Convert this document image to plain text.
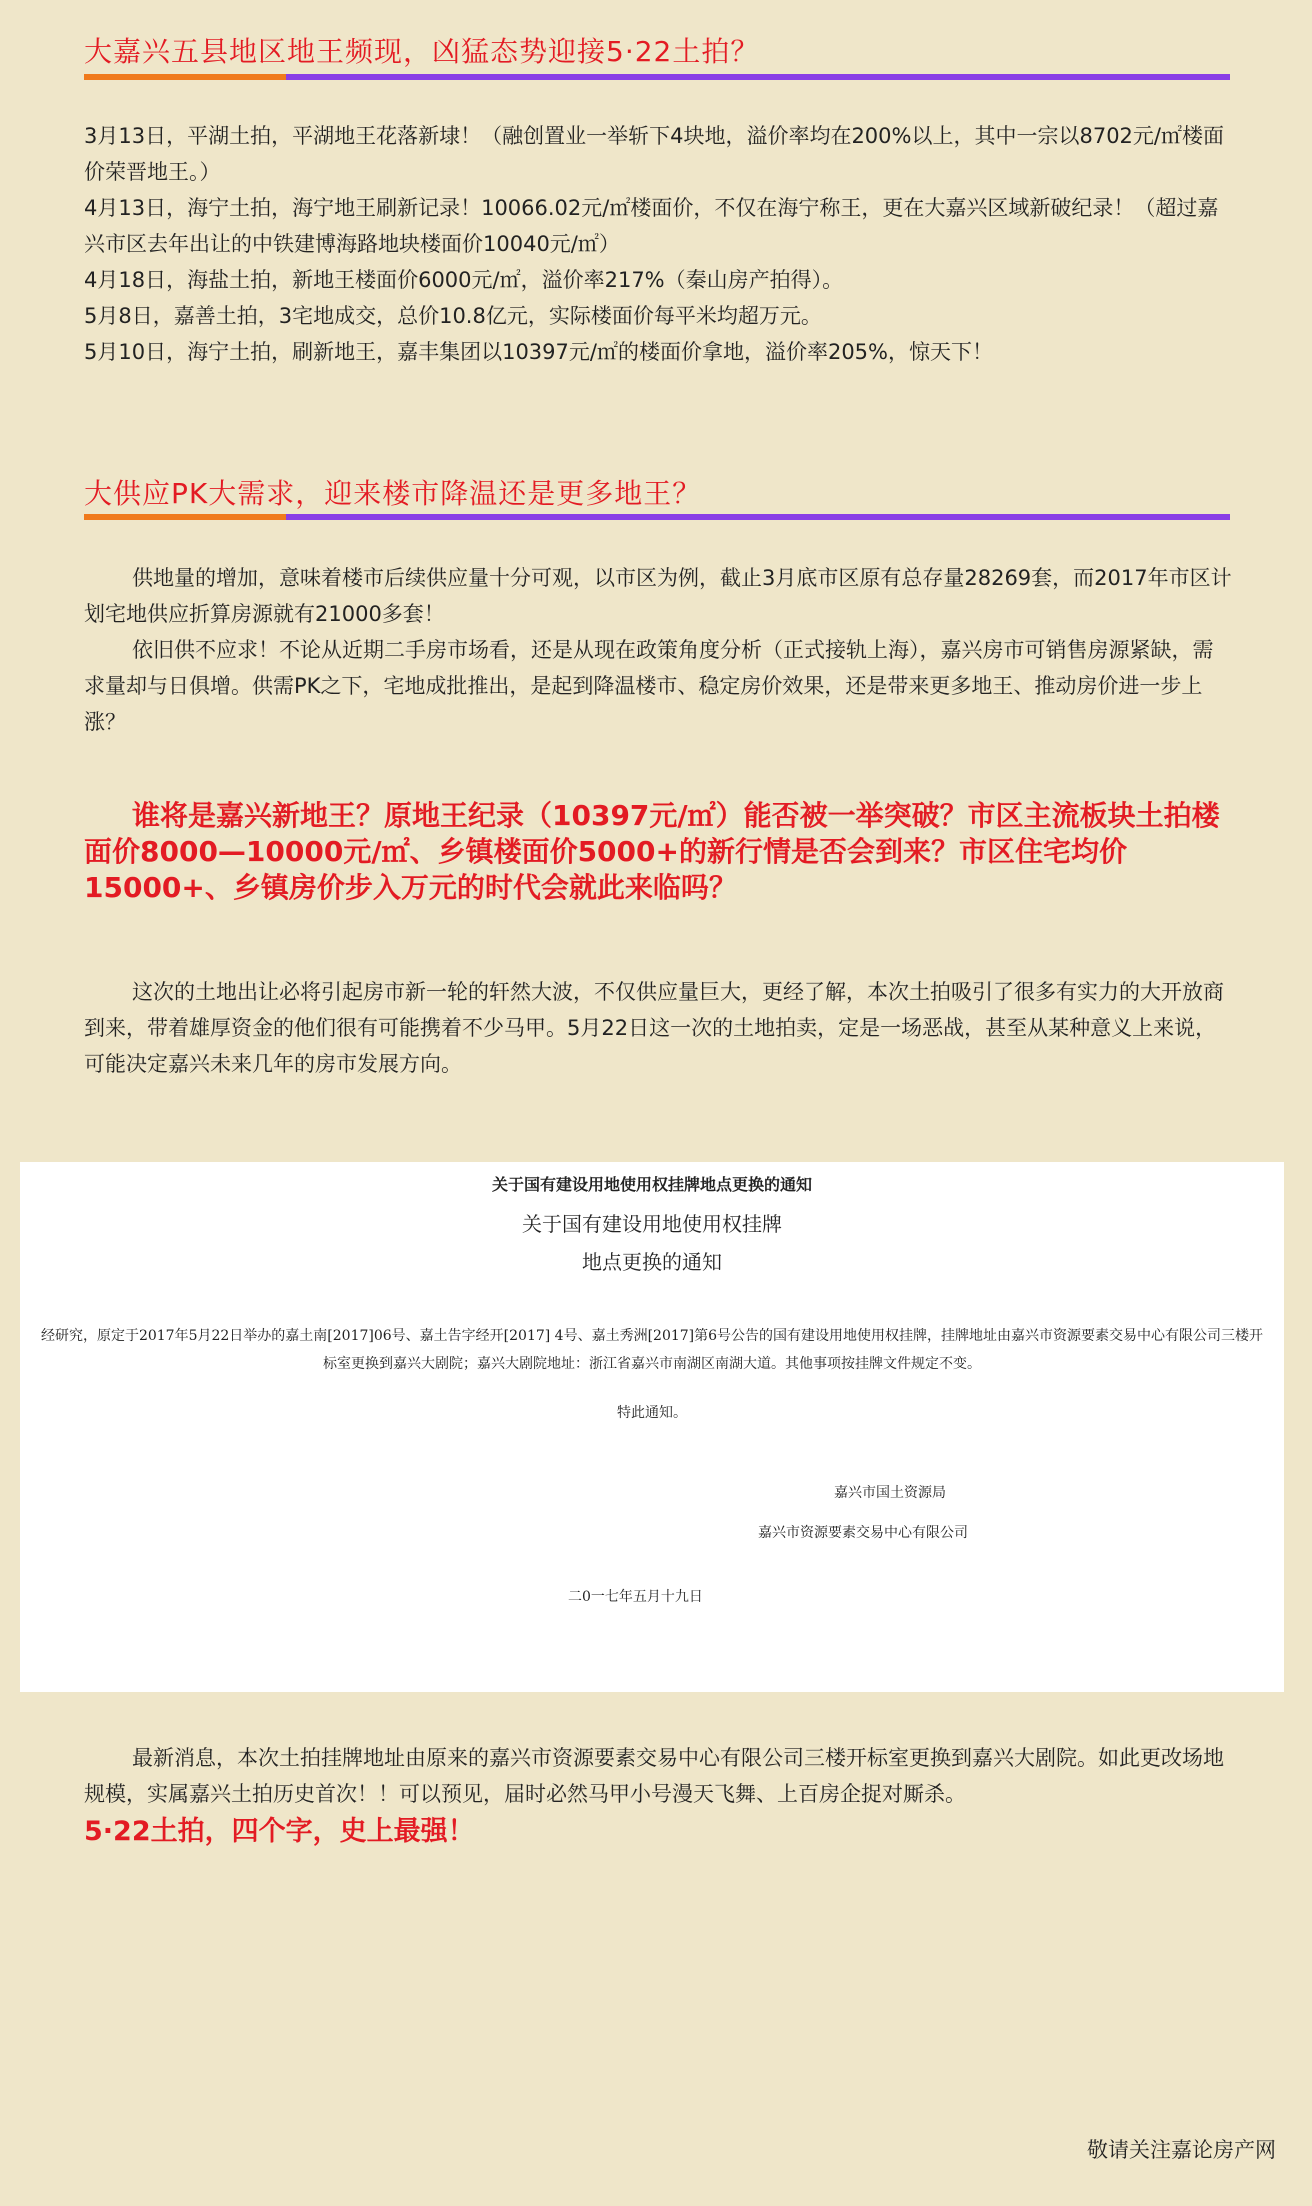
大嘉兴五县地区地王频现，凶猛态势迎接5·22土拍？

3月13日，平湖土拍，平湖地王花落新埭！（融创置业一举斩下4块地，溢价率均在200%以上，其中一宗以8702元/㎡楼面价荣晋地王。）

4月13日，海宁土拍，海宁地王刷新记录！10066.02元/㎡楼面价，不仅在海宁称王，更在大嘉兴区域新破纪录！（超过嘉兴市区去年出让的中铁建博海路地块楼面价10040元/㎡）

4月18日，海盐土拍，新地王楼面价6000元/㎡，溢价率217%（秦山房产拍得）。

5月8日，嘉善土拍，3宅地成交，总价10.8亿元，实际楼面价每平米均超万元。

5月10日，海宁土拍，刷新地王，嘉丰集团以10397元/㎡的楼面价拿地，溢价率205%，惊天下！

大供应PK大需求，迎来楼市降温还是更多地王？

供地量的增加，意味着楼市后续供应量十分可观，以市区为例，截止3月底市区原有总存量28269套，而2017年市区计划宅地供应折算房源就有21000多套！

依旧供不应求！不论从近期二手房市场看，还是从现在政策角度分析（正式接轨上海），嘉兴房市可销售房源紧缺，需求量却与日俱增。供需PK之下，宅地成批推出，是起到降温楼市、稳定房价效果，还是带来更多地王、推动房价进一步上涨？

谁将是嘉兴新地王？原地王纪录（10397元/㎡）能否被一举突破？市区主流板块土拍楼面价8000—10000元/㎡、乡镇楼面价5000+的新行情是否会到来？市区住宅均价15000+、乡镇房价步入万元的时代会就此来临吗？

这次的土地出让必将引起房市新一轮的轩然大波，不仅供应量巨大，更经了解，本次土拍吸引了很多有实力的大开放商到来，带着雄厚资金的他们很有可能携着不少马甲。5月22日这一次的土地拍卖，定是一场恶战，甚至从某种意义上来说，可能决定嘉兴未来几年的房市发展方向。

关于国有建设用地使用权挂牌地点更换的通知
关于国有建设用地使用权挂牌
地点更换的通知
经研究，原定于2017年5月22日举办的嘉土南[2017]06号、嘉土告字经开[2017] 4号、嘉土秀洲[2017]第6号公告的国有建设用地使用权挂牌，挂牌地址由嘉兴市资源要素交易中心有限公司三楼开标室更换到嘉兴大剧院；嘉兴大剧院地址：浙江省嘉兴市南湖区南湖大道。其他事项按挂牌文件规定不变。
特此通知。
嘉兴市国土资源局
嘉兴市资源要素交易中心有限公司
二0一七年五月十九日

最新消息，本次土拍挂牌地址由原来的嘉兴市资源要素交易中心有限公司三楼开标室更换到嘉兴大剧院。如此更改场地规模，实属嘉兴土拍历史首次！！可以预见，届时必然马甲小号漫天飞舞、上百房企捉对厮杀。

5·22土拍，四个字，史上最强！

敬请关注嘉论房产网
